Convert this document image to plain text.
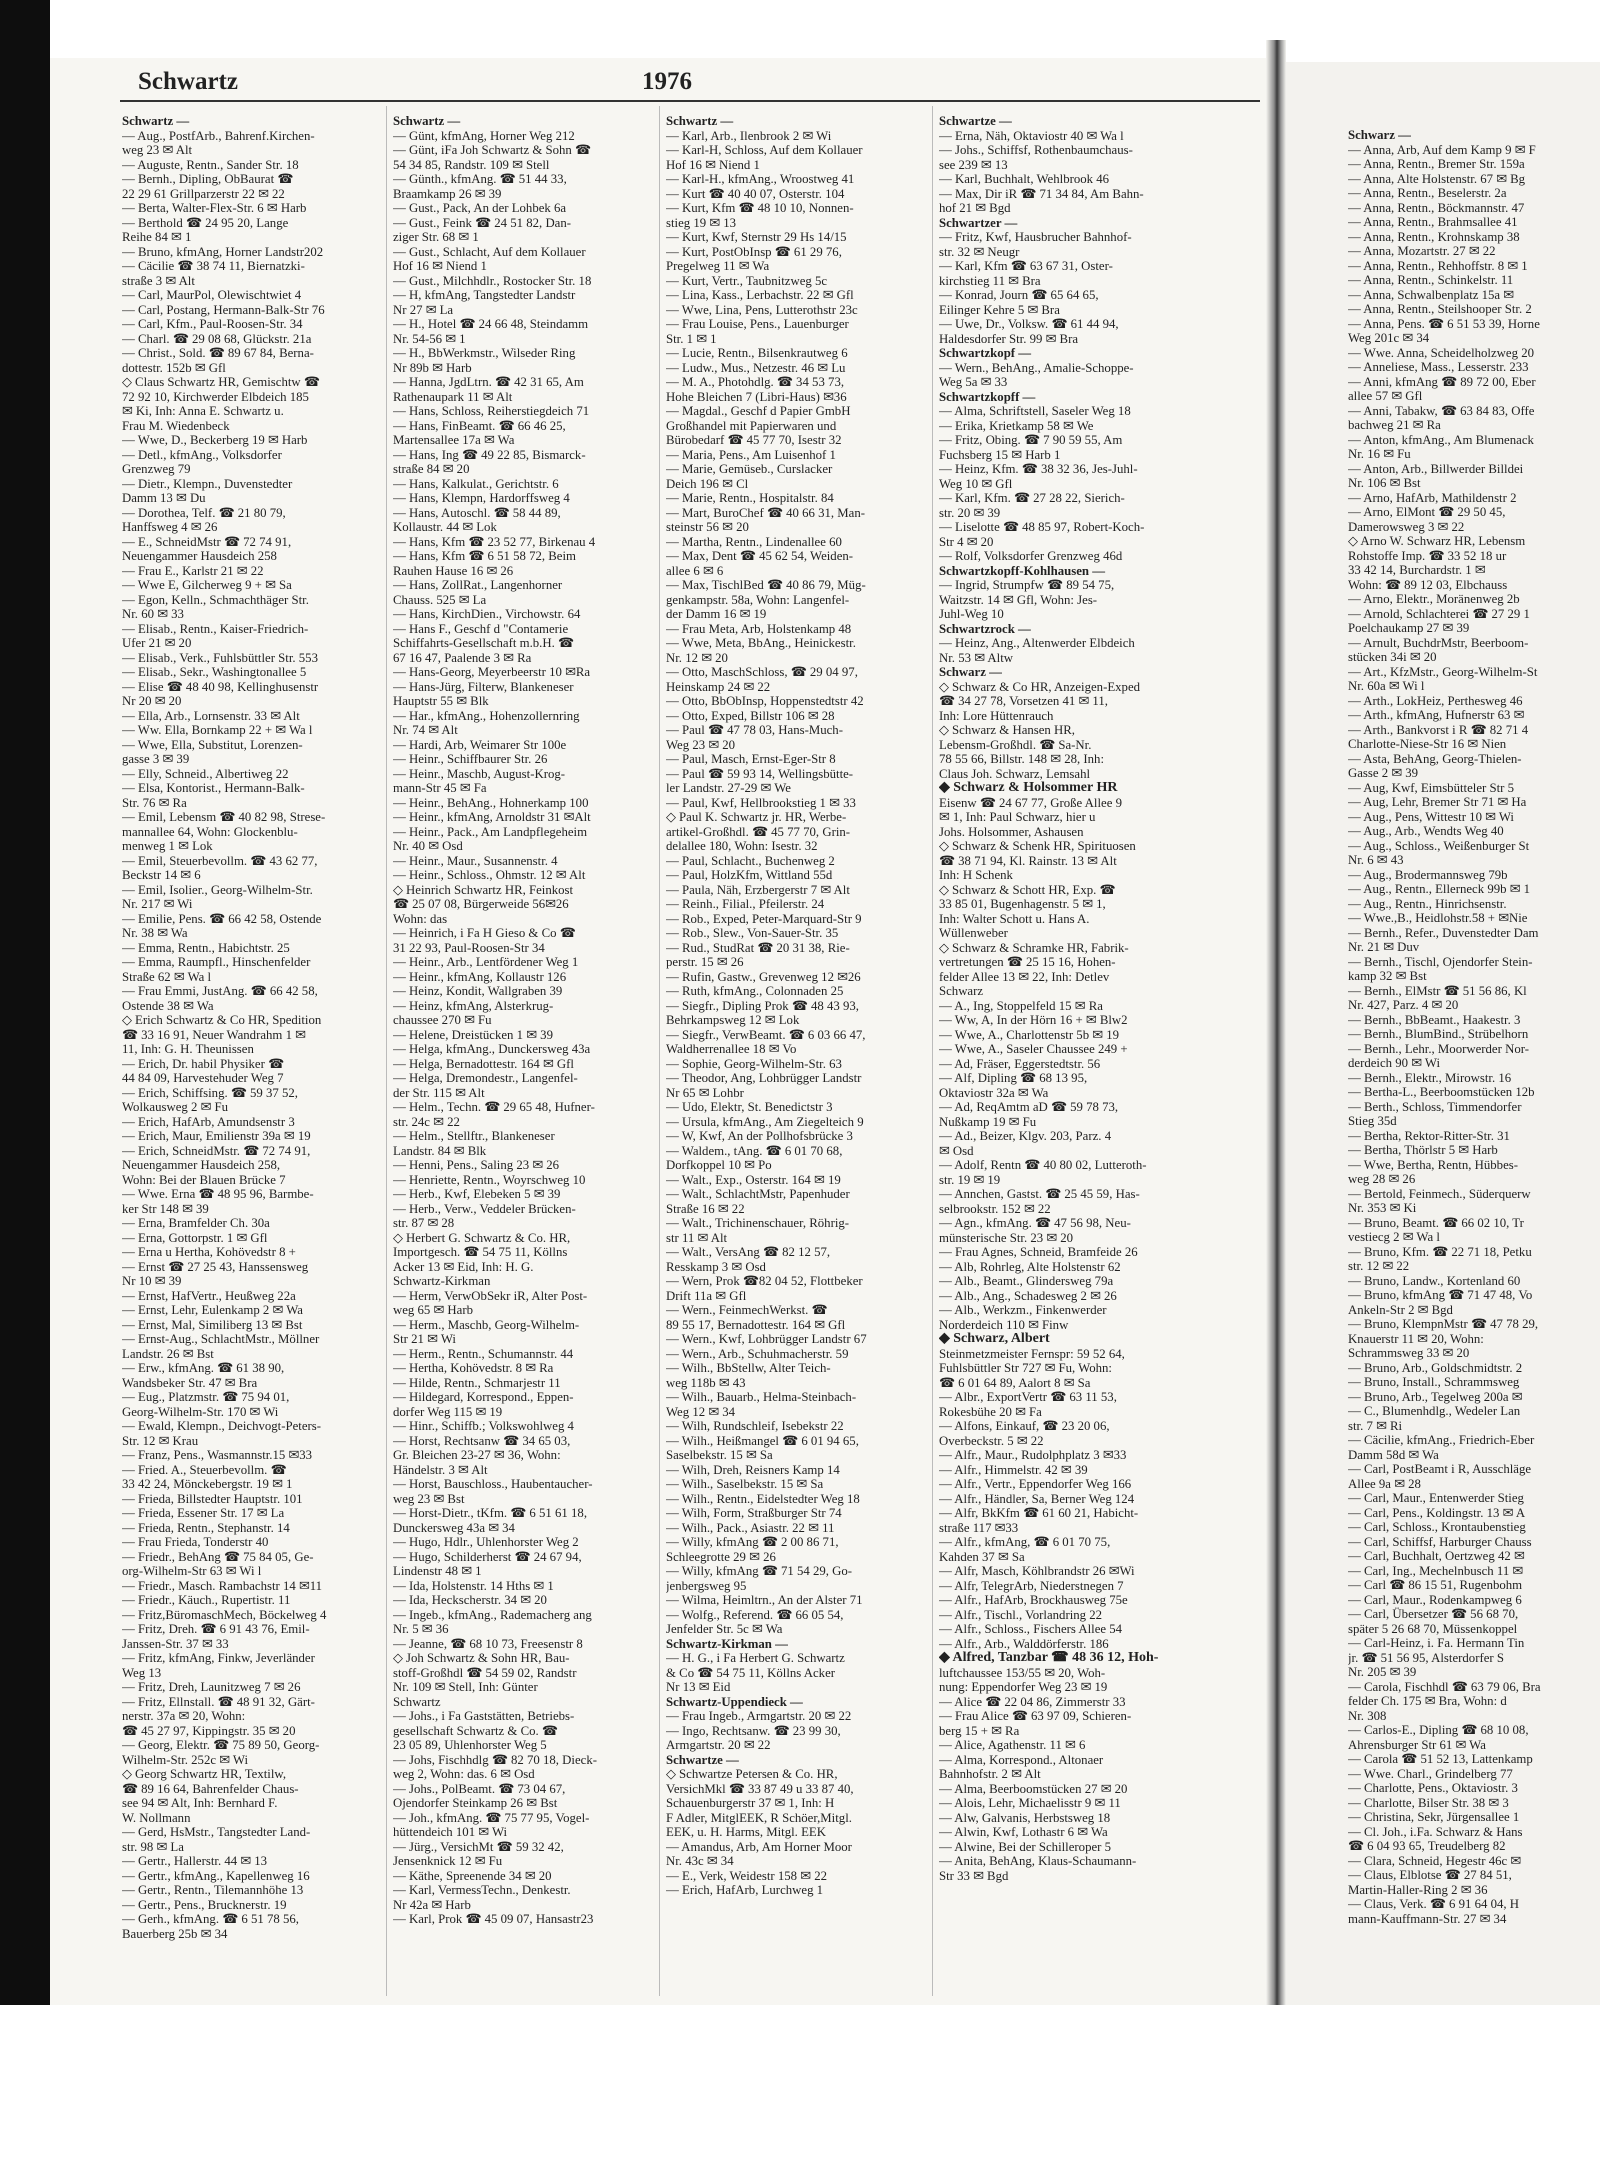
Schwartz	1976
Schwartz —
— Aug., PostfArb., Bahrenf.Kirchen-
weg 23 ✉ Alt
— Auguste, Rentn., Sander Str. 18
— Bernh., Dipling, ObBaurat ☎
22 29 61 Grillparzerstr 22 ✉ 22
— Berta, Walter-Flex-Str. 6 ✉ Harb
— Berthold ☎ 24 95 20, Lange
Reihe 84 ✉ 1
— Bruno, kfmAng, Horner Landstr202
— Cäcilie ☎ 38 74 11, Biernatzki-
straße 3 ✉ Alt
— Carl, MaurPol, Olewischtwiet 4
— Carl, Postang, Hermann-Balk-Str 76
— Carl, Kfm., Paul-Roosen-Str. 34
— Charl. ☎ 29 08 68, Glückstr. 21a
— Christ., Sold. ☎ 89 67 84, Berna-
dottestr. 152b ✉ Gfl
◇ Claus Schwartz HR, Gemischtw ☎
72 92 10, Kirchwerder Elbdeich 185
✉ Ki, Inh: Anna E. Schwartz u.
Frau M. Wiedenbeck
— Wwe, D., Beckerberg 19 ✉ Harb
— Detl., kfmAng., Volksdorfer
Grenzweg 79
— Dietr., Klempn., Duvenstedter
Damm 13 ✉ Du
— Dorothea, Telf. ☎ 21 80 79,
Hanffsweg 4 ✉ 26
— E., SchneidMstr ☎ 72 74 91,
Neuengammer Hausdeich 258
— Frau E., Karlstr 21 ✉ 22
— Wwe E, Gilcherweg 9 + ✉ Sa
— Egon, Kelln., Schmachthäger Str.
Nr. 60 ✉ 33
— Elisab., Rentn., Kaiser-Friedrich-
Ufer 21 ✉ 20
— Elisab., Verk., Fuhlsbüttler Str. 553
— Elisab., Sekr., Washingtonallee 5
— Elise ☎ 48 40 98, Kellinghusenstr
Nr 20 ✉ 20
— Ella, Arb., Lornsenstr. 33 ✉ Alt
— Ww. Ella, Bornkamp 22 + ✉ Wa l
— Wwe, Ella, Substitut, Lorenzen-
gasse 3 ✉ 39
— Elly, Schneid., Albertiweg 22
— Elsa, Kontorist., Hermann-Balk-
Str. 76 ✉ Ra
— Emil, Lebensm ☎ 40 82 98, Strese-
mannallee 64, Wohn: Glockenblu-
menweg 1 ✉ Lok
— Emil, Steuerbevollm. ☎ 43 62 77,
Beckstr 14 ✉ 6
— Emil, Isolier., Georg-Wilhelm-Str.
Nr. 217 ✉ Wi
— Emilie, Pens. ☎ 66 42 58, Ostende
Nr. 38 ✉ Wa
— Emma, Rentn., Habichtstr. 25
— Emma, Raumpfl., Hinschenfelder
Straße 62 ✉ Wa l
— Frau Emmi, JustAng. ☎ 66 42 58,
Ostende 38 ✉ Wa
◇ Erich Schwartz & Co HR, Spedition
☎ 33 16 91, Neuer Wandrahm 1 ✉
11, Inh: G. H. Theunissen
— Erich, Dr. habil Physiker ☎
44 84 09, Harvestehuder Weg 7
— Erich, Schiffsing. ☎ 59 37 52,
Wolkausweg 2 ✉ Fu
— Erich, HafArb, Amundsenstr 3
— Erich, Maur, Emilienstr 39a ✉ 19
— Erich, SchneidMstr. ☎ 72 74 91,
Neuengammer Hausdeich 258,
Wohn: Bei der Blauen Brücke 7
— Wwe. Erna ☎ 48 95 96, Barmbe-
ker Str 148 ✉ 39
— Erna, Bramfelder Ch. 30a
— Erna, Gottorpstr. 1 ✉ Gfl
— Erna u Hertha, Kohövedstr 8 +
— Ernst ☎ 27 25 43, Hanssensweg
Nr 10 ✉ 39
— Ernst, HafVertr., Heußweg 22a
— Ernst, Lehr, Eulenkamp 2 ✉ Wa
— Ernst, Mal, Similiberg 13 ✉ Bst
— Ernst-Aug., SchlachtMstr., Möllner
Landstr. 26 ✉ Bst
— Erw., kfmAng. ☎ 61 38 90,
Wandsbeker Str. 47 ✉ Bra
— Eug., Platzmstr. ☎ 75 94 01,
Georg-Wilhelm-Str. 170 ✉ Wi
— Ewald, Klempn., Deichvogt-Peters-
Str. 12 ✉ Krau
— Franz, Pens., Wasmannstr.15 ✉33
— Fried. A., Steuerbevollm. ☎
33 42 24, Mönckebergstr. 19 ✉ 1
— Frieda, Billstedter Hauptstr. 101
— Frieda, Essener Str. 17 ✉ La
— Frieda, Rentn., Stephanstr. 14
— Frau Frieda, Tonderstr 40
— Friedr., BehAng ☎ 75 84 05, Ge-
org-Wilhelm-Str 63 ✉ Wi l
— Friedr., Masch. Rambachstr 14 ✉11
— Friedr., Käuch., Rupertistr. 11
— Fritz,BüromaschMech, Böckelweg 4
— Fritz, Dreh. ☎ 6 91 43 76, Emil-
Janssen-Str. 37 ✉ 33
— Fritz, kfmAng, Finkw, Jeverländer
Weg 13
— Fritz, Dreh, Launitzweg 7 ✉ 26
— Fritz, Ellnstall. ☎ 48 91 32, Gärt-
nerstr. 37a ✉ 20, Wohn:
☎ 45 27 97, Kippingstr. 35 ✉ 20
— Georg, Elektr. ☎ 75 89 50, Georg-
Wilhelm-Str. 252c ✉ Wi
◇ Georg Schwartz HR, Textilw,
☎ 89 16 64, Bahrenfelder Chaus-
see 94 ✉ Alt, Inh: Bernhard F.
W. Nollmann
— Gerd, HsMstr., Tangstedter Land-
str. 98 ✉ La
— Gertr., Hallerstr. 44 ✉ 13
— Gertr., kfmAng., Kapellenweg 16
— Gertr., Rentn., Tilemannhöhe 13
— Gertr., Pens., Brucknerstr. 19
— Gerh., kfmAng. ☎ 6 51 78 56,
Bauerberg 25b ✉ 34
Schwartz —
— Günt, kfmAng, Horner Weg 212
— Günt, iFa Joh Schwartz & Sohn ☎
54 34 85, Randstr. 109 ✉ Stell
— Günth., kfmAng. ☎ 51 44 33,
Braamkamp 26 ✉ 39
— Gust., Pack, An der Lohbek 6a
— Gust., Feink ☎ 24 51 82, Dan-
ziger Str. 68 ✉ 1
— Gust., Schlacht, Auf dem Kollauer
Hof 16 ✉ Niend 1
— Gust., Milchhdlr., Rostocker Str. 18
— H, kfmAng, Tangstedter Landstr
Nr 27 ✉ La
— H., Hotel ☎ 24 66 48, Steindamm
Nr. 54-56 ✉ 1
— H., BbWerkmstr., Wilseder Ring
Nr 89b ✉ Harb
— Hanna, JgdLtrn. ☎ 42 31 65, Am
Rathenaupark 11 ✉ Alt
— Hans, Schloss, Reiherstiegdeich 71
— Hans, FinBeamt. ☎ 66 46 25,
Martensallee 17a ✉ Wa
— Hans, Ing ☎ 49 22 85, Bismarck-
straße 84 ✉ 20
— Hans, Kalkulat., Gerichtstr. 6
— Hans, Klempn, Hardorffsweg 4
— Hans, Autoschl. ☎ 58 44 89,
Kollaustr. 44 ✉ Lok
— Hans, Kfm ☎ 23 52 77, Birkenau 4
— Hans, Kfm ☎ 6 51 58 72, Beim
Rauhen Hause 16 ✉ 26
— Hans, ZollRat., Langenhorner
Chauss. 525 ✉ La
— Hans, KirchDien., Virchowstr. 64
— Hans F., Geschf d "Contamerie
Schiffahrts-Gesellschaft m.b.H. ☎
67 16 47, Paalende 3 ✉ Ra
— Hans-Georg, Meyerbeerstr 10 ✉Ra
— Hans-Jürg, Filterw, Blankeneser
Hauptstr 55 ✉ Blk
— Har., kfmAng., Hohenzollernring
Nr. 74 ✉ Alt
— Hardi, Arb, Weimarer Str 100e
— Heinr., Schiffbaurer Str. 26
— Heinr., Maschb, August-Krog-
mann-Str 45 ✉ Fa
— Heinr., BehAng., Hohnerkamp 100
— Heinr., kfmAng, Arnoldstr 31 ✉Alt
— Heinr., Pack., Am Landpflegeheim
Nr. 40 ✉ Osd
— Heinr., Maur., Susannenstr. 4
— Heinr., Schloss., Ohmstr. 12 ✉ Alt
◇ Heinrich Schwartz HR, Feinkost
☎ 25 07 08, Bürgerweide 56✉26
Wohn: das
— Heinrich, i Fa H Gieso & Co ☎
31 22 93, Paul-Roosen-Str 34
— Heinr., Arb., Lentfördener Weg 1
— Heinr., kfmAng, Kollaustr 126
— Heinz, Kondit, Wallgraben 39
— Heinz, kfmAng, Alsterkrug-
chaussee 270 ✉ Fu
— Helene, Dreistücken 1 ✉ 39
— Helga, kfmAng., Dunckersweg 43a
— Helga, Bernadottestr. 164 ✉ Gfl
— Helga, Dremondestr., Langenfel-
der Str. 115 ✉ Alt
— Helm., Techn. ☎ 29 65 48, Hufner-
str. 24c ✉ 22
— Helm., Stellftr., Blankeneser
Landstr. 84 ✉ Blk
— Henni, Pens., Saling 23 ✉ 26
— Henriette, Rentn., Woyrschweg 10
— Herb., Kwf, Elebeken 5 ✉ 39
— Herb., Verw., Veddeler Brücken-
str. 87 ✉ 28
◇ Herbert G. Schwartz & Co. HR,
Importgesch. ☎ 54 75 11, Köllns
Acker 13 ✉ Eid, Inh: H. G.
Schwartz-Kirkman
— Herm, VerwObSekr iR, Alter Post-
weg 65 ✉ Harb
— Herm., Maschb, Georg-Wilhelm-
Str 21 ✉ Wi
— Herm., Rentn., Schumannstr. 44
— Hertha, Kohövedstr. 8 ✉ Ra
— Hilde, Rentn., Schmarjestr 11
— Hildegard, Korrespond., Eppen-
dorfer Weg 115 ✉ 19
— Hinr., Schiffb.; Volkswohlweg 4
— Horst, Rechtsanw ☎ 34 65 03,
Gr. Bleichen 23-27 ✉ 36, Wohn:
Händelstr. 3 ✉ Alt
— Horst, Bauschloss., Haubentaucher-
weg 23 ✉ Bst
— Horst-Dietr., tKfm. ☎ 6 51 61 18,
Dunckersweg 43a ✉ 34
— Hugo, Hdlr., Uhlenhorster Weg 2
— Hugo, Schilderherst ☎ 24 67 94,
Lindenstr 48 ✉ 1
— Ida, Holstenstr. 14 Hths ✉ 1
— Ida, Heckscherstr. 34 ✉ 20
— Ingeb., kfmAng., Rademacherg ang
Nr. 5 ✉ 36
— Jeanne, ☎ 68 10 73, Freesenstr 8
◇ Joh Schwartz & Sohn HR, Bau-
stoff-Großhdl ☎ 54 59 02, Randstr
Nr. 109 ✉ Stell, Inh: Günter
Schwartz
— Johs., i Fa Gaststätten, Betriebs-
gesellschaft Schwartz & Co. ☎
23 05 89, Uhlenhorster Weg 5
— Johs, Fischhdlg ☎ 82 70 18, Dieck-
weg 2, Wohn: das. 6 ✉ Osd
— Johs., PolBeamt. ☎ 73 04 67,
Ojendorfer Steinkamp 26 ✉ Bst
— Joh., kfmAng. ☎ 75 77 95, Vogel-
hüttendeich 101 ✉ Wi
— Jürg., VersichMt ☎ 59 32 42,
Jensenknick 12 ✉ Fu
— Käthe, Spreenende 34 ✉ 20
— Karl, VermessTechn., Denkestr.
Nr 42a ✉ Harb
— Karl, Prok ☎ 45 09 07, Hansastr23
Schwartz —
— Karl, Arb., Ilenbrook 2 ✉ Wi
— Karl-H, Schloss, Auf dem Kollauer
Hof 16 ✉ Niend 1
— Karl-H., kfmAng., Wroostweg 41
— Kurt ☎ 40 40 07, Osterstr. 104
— Kurt, Kfm ☎ 48 10 10, Nonnen-
stieg 19 ✉ 13
— Kurt, Kwf, Sternstr 29 Hs 14/15
— Kurt, PostObInsp ☎ 61 29 76,
Pregelweg 11 ✉ Wa
— Kurt, Vertr., Taubnitzweg 5c
— Lina, Kass., Lerbachstr. 22 ✉ Gfl
— Wwe, Lina, Pens, Lutterothstr 23c
— Frau Louise, Pens., Lauenburger
Str. 1 ✉ 1
— Lucie, Rentn., Bilsenkrautweg 6
— Ludw., Mus., Netzestr. 46 ✉ Lu
— M. A., Photohdlg. ☎ 34 53 73,
Hohe Bleichen 7 (Libri-Haus) ✉36
— Magdal., Geschf d Papier GmbH
Großhandel mit Papierwaren und
Bürobedarf ☎ 45 77 70, Isestr 32
— Maria, Pens., Am Luisenhof 1
— Marie, Gemüseb., Curslacker
Deich 196 ✉ Cl
— Marie, Rentn., Hospitalstr. 84
— Mart, BuroChef ☎ 40 66 31, Man-
steinstr 56 ✉ 20
— Martha, Rentn., Lindenallee 60
— Max, Dent ☎ 45 62 54, Weiden-
allee 6 ✉ 6
— Max, TischlBed ☎ 40 86 79, Müg-
genkampstr. 58a, Wohn: Langenfel-
der Damm 16 ✉ 19
— Frau Meta, Arb, Holstenkamp 48
— Wwe, Meta, BbAng., Heinickestr.
Nr. 12 ✉ 20
— Otto, MaschSchloss, ☎ 29 04 97,
Heinskamp 24 ✉ 22
— Otto, BbObInsp, Hoppenstedtstr 42
— Otto, Exped, Billstr 106 ✉ 28
— Paul ☎ 47 78 03, Hans-Much-
Weg 23 ✉ 20
— Paul, Masch, Ernst-Eger-Str 8
— Paul ☎ 59 93 14, Wellingsbütte-
ler Landstr. 27-29 ✉ We
— Paul, Kwf, Hellbrookstieg 1 ✉ 33
◇ Paul K. Schwartz jr. HR, Werbe-
artikel-Großhdl. ☎ 45 77 70, Grin-
delallee 180, Wohn: Isestr. 32
— Paul, Schlacht., Buchenweg 2
— Paul, HolzKfm, Wittland 55d
— Paula, Näh, Erzbergerstr 7 ✉ Alt
— Reinh., Filial., Pfeilerstr. 24
— Rob., Exped, Peter-Marquard-Str 9
— Rob., Slew., Von-Sauer-Str. 35
— Rud., StudRat ☎ 20 31 38, Rie-
perstr. 15 ✉ 26
— Rufin, Gastw., Grevenweg 12 ✉26
— Ruth, kfmAng., Colonnaden 25
— Siegfr., Dipling Prok ☎ 48 43 93,
Behrkampsweg 12 ✉ Lok
— Siegfr., VerwBeamt. ☎ 6 03 66 47,
Waldherrenallee 18 ✉ Vo
— Sophie, Georg-Wilhelm-Str. 63
— Theodor, Ang, Lohbrügger Landstr
Nr 65 ✉ Lohbr
— Udo, Elektr, St. Benedictstr 3
— Ursula, kfmAng., Am Ziegelteich 9
— W, Kwf, An der Pollhofsbrücke 3
— Waldem., tAng. ☎ 6 01 70 68,
Dorfkoppel 10 ✉ Po
— Walt., Exp., Osterstr. 164 ✉ 19
— Walt., SchlachtMstr, Papenhuder
Straße 16 ✉ 22
— Walt., Trichinenschauer, Röhrig-
str 11 ✉ Alt
— Walt., VersAng ☎ 82 12 57,
Resskamp 3 ✉ Osd
— Wern, Prok ☎82 04 52, Flottbeker
Drift 11a ✉ Gfl
— Wern., FeinmechWerkst. ☎
89 55 17, Bernadottestr. 164 ✉ Gfl
— Wern., Kwf, Lohbrügger Landstr 67
— Wern., Arb., Schuhmacherstr. 59
— Wilh., BbStellw, Alter Teich-
weg 118b ✉ 43
— Wilh., Bauarb., Helma-Steinbach-
Weg 12 ✉ 34
— Wilh, Rundschleif, Isebekstr 22
— Wilh., Heißmangel ☎ 6 01 94 65,
Saselbekstr. 15 ✉ Sa
— Wilh, Dreh, Reisners Kamp 14
— Wilh., Saselbekstr. 15 ✉ Sa
— Wilh., Rentn., Eidelstedter Weg 18
— Wilh, Form, Straßburger Str 74
— Wilh., Pack., Asiastr. 22 ✉ 11
— Willy, kfmAng ☎ 2 00 86 71,
Schleegrotte 29 ✉ 26
— Willy, kfmAng ☎ 71 54 29, Go-
jenbergsweg 95
— Wilma, Heimltrn., An der Alster 71
— Wolfg., Referend. ☎ 66 05 54,
Jenfelder Str. 5c ✉ Wa
Schwartz-Kirkman —
— H. G., i Fa Herbert G. Schwartz
& Co ☎ 54 75 11, Köllns Acker
Nr 13 ✉ Eid
Schwartz-Uppendieck —
— Frau Ingeb., Armgartstr. 20 ✉ 22
— Ingo, Rechtsanw. ☎ 23 99 30,
Armgartstr. 20 ✉ 22
Schwartze —
◇ Schwartze Petersen & Co. HR,
VersichMkl ☎ 33 87 49 u 33 87 40,
Schauenburgerstr 37 ✉ 1, Inh: H
F Adler, MitglEEK, R Schöer,Mitgl.
EEK, u. H. Harms, Mitgl. EEK
— Amandus, Arb, Am Horner Moor
Nr. 43c ✉ 34
— E., Verk, Weidestr 158 ✉ 22
— Erich, HafArb, Lurchweg 1
Schwartze —
— Erna, Näh, Oktaviostr 40 ✉ Wa l
— Johs., Schiffsf, Rothenbaumchaus-
see 239 ✉ 13
— Karl, Buchhalt, Wehlbrook 46
— Max, Dir iR ☎ 71 34 84, Am Bahn-
hof 21 ✉ Bgd
Schwartzer —
— Fritz, Kwf, Hausbrucher Bahnhof-
str. 32 ✉ Neugr
— Karl, Kfm ☎ 63 67 31, Oster-
kirchstieg 11 ✉ Bra
— Konrad, Journ ☎ 65 64 65,
Eilinger Kehre 5 ✉ Bra
— Uwe, Dr., Volksw. ☎ 61 44 94,
Haldesdorfer Str. 99 ✉ Bra
Schwartzkopf —
— Wern., BehAng., Amalie-Schoppe-
Weg 5a ✉ 33
Schwartzkopff —
— Alma, Schriftstell, Saseler Weg 18
— Erika, Krietkamp 58 ✉ We
— Fritz, Obing. ☎ 7 90 59 55, Am
Fuchsberg 15 ✉ Harb 1
— Heinz, Kfm. ☎ 38 32 36, Jes-Juhl-
Weg 10 ✉ Gfl
— Karl, Kfm. ☎ 27 28 22, Sierich-
str. 20 ✉ 39
— Liselotte ☎ 48 85 97, Robert-Koch-
Str 4 ✉ 20
— Rolf, Volksdorfer Grenzweg 46d
Schwartzkopff-Kohlhausen —
— Ingrid, Strumpfw ☎ 89 54 75,
Waitzstr. 14 ✉ Gfl, Wohn: Jes-
Juhl-Weg 10
Schwartzrock —
— Heinz, Ang., Altenwerder Elbdeich
Nr. 53 ✉ Altw
Schwarz —
◇ Schwarz & Co HR, Anzeigen-Exped
☎ 34 27 78, Vorsetzen 41 ✉ 11,
Inh: Lore Hüttenrauch
◇ Schwarz & Hansen HR,
Lebensm-Großhdl. ☎ Sa-Nr.
78 55 66, Billstr. 148 ✉ 28, Inh:
Claus Joh. Schwarz, Lemsahl
◆ Schwarz & Holsommer HR
Eisenw ☎ 24 67 77, Große Allee 9
✉ 1, Inh: Paul Schwarz, hier u
Johs. Holsommer, Ashausen
◇ Schwarz & Schenk HR, Spirituosen
☎ 38 71 94, Kl. Rainstr. 13 ✉ Alt
Inh: H Schenk
◇ Schwarz & Schott HR, Exp. ☎
33 85 01, Bugenhagenstr. 5 ✉ 1,
Inh: Walter Schott u. Hans A.
Wüllenweber
◇ Schwarz & Schramke HR, Fabrik-
vertretungen ☎ 25 15 16, Hohen-
felder Allee 13 ✉ 22, Inh: Detlev
Schwarz
— A., Ing, Stoppelfeld 15 ✉ Ra
— Ww, A, In der Hörn 16 + ✉ Blw2
— Wwe, A., Charlottenstr 5b ✉ 19
— Wwe, A., Saseler Chaussee 249 +
— Ad, Fräser, Eggerstedtstr. 56
— Alf, Dipling ☎ 68 13 95,
Oktaviostr 32a ✉ Wa
— Ad, ReqAmtm aD ☎ 59 78 73,
Nußkamp 19 ✉ Fu
— Ad., Beizer, Klgv. 203, Parz. 4
✉ Osd
— Adolf, Rentn ☎ 40 80 02, Lutteroth-
str. 19 ✉ 19
— Annchen, Gastst. ☎ 25 45 59, Has-
selbrookstr. 152 ✉ 22
— Agn., kfmAng. ☎ 47 56 98, Neu-
münsterische Str. 23 ✉ 20
— Frau Agnes, Schneid, Bramfeide 26
— Alb, Rohrleg, Alte Holstenstr 62
— Alb., Beamt., Glindersweg 79a
— Alb., Ang., Schadesweg 2 ✉ 26
— Alb., Werkzm., Finkenwerder
Norderdeich 110 ✉ Finw
◆ Schwarz, Albert
Steinmetzmeister Fernspr: 59 52 64,
Fuhlsbüttler Str 727 ✉ Fu, Wohn:
☎ 6 01 64 89, Aalort 8 ✉ Sa
— Albr., ExportVertr ☎ 63 11 53,
Rokesbühe 20 ✉ Fa
— Alfons, Einkauf, ☎ 23 20 06,
Overbeckstr. 5 ✉ 22
— Alfr., Maur., Rudolphplatz 3 ✉33
— Alfr., Himmelstr. 42 ✉ 39
— Alfr., Vertr., Eppendorfer Weg 166
— Alfr., Händler, Sa, Berner Weg 124
— Alfr, BkKfm ☎ 61 60 21, Habicht-
straße 117 ✉33
— Alfr., kfmAng, ☎ 6 01 70 75,
Kahden 37 ✉ Sa
— Alfr, Masch, Köhlbrandstr 26 ✉Wi
— Alfr, TelegrArb, Niederstnegen 7
— Alfr., HafArb, Brockhausweg 75e
— Alfr., Tischl., Vorlandring 22
— Alfr., Schloss., Fischers Allee 54
— Alfr., Arb., Walddörferstr. 186
◆ Alfred, Tanzbar ☎ 48 36 12, Hoh-
luftchaussee 153/55 ✉ 20, Woh-
nung: Eppendorfer Weg 23 ✉ 19
— Alice ☎ 22 04 86, Zimmerstr 33
— Frau Alice ☎ 63 97 09, Schieren-
berg 15 + ✉ Ra
— Alice, Agathenstr. 11 ✉ 6
— Alma, Korrespond., Altonaer
Bahnhofstr. 2 ✉ Alt
— Alma, Beerboomstücken 27 ✉ 20
— Alois, Lehr, Michaelisstr 9 ✉ 11
— Alw, Galvanis, Herbstsweg 18
— Alwin, Kwf, Lothastr 6 ✉ Wa
— Alwine, Bei der Schilleroper 5
— Anita, BehAng, Klaus-Schaumann-
Str 33 ✉ Bgd
Schwarz —
— Anna, Arb, Auf dem Kamp 9 ✉ F
— Anna, Rentn., Bremer Str. 159a
— Anna, Alte Holstenstr. 67 ✉ Bg
— Anna, Rentn., Beselerstr. 2a
— Anna, Rentn., Böckmannstr. 47
— Anna, Rentn., Brahmsallee 41
— Anna, Rentn., Krohnskamp 38
— Anna, Mozartstr. 27 ✉ 22
— Anna, Rentn., Rehhoffstr. 8 ✉ 1
— Anna, Rentn., Schinkelstr. 11
— Anna, Schwalbenplatz 15a ✉
— Anna, Rentn., Steilshooper Str. 2
— Anna, Pens. ☎ 6 51 53 39, Horne
Weg 201c ✉ 34
— Wwe. Anna, Scheidelholzweg 20
— Anneliese, Mass., Lesserstr. 233
— Anni, kfmAng ☎ 89 72 00, Eber
allee 57 ✉ Gfl
— Anni, Tabakw, ☎ 63 84 83, Offe
bachweg 21 ✉ Ra
— Anton, kfmAng., Am Blumenack
Nr. 16 ✉ Fu
— Anton, Arb., Billwerder Billdei
Nr. 106 ✉ Bst
— Arno, HafArb, Mathildenstr 2
— Arno, ElMont ☎ 29 50 45,
Damerowsweg 3 ✉ 22
◇ Arno W. Schwarz HR, Lebensm
Rohstoffe Imp. ☎ 33 52 18 ur
33 42 14, Burchardstr. 1 ✉
Wohn: ☎ 89 12 03, Elbchauss
— Arno, Elektr., Moränenweg 2b
— Arnold, Schlachterei ☎ 27 29 1
Poelchaukamp 27 ✉ 39
— Arnult, BuchdrMstr, Beerboom-
stücken 34i ✉ 20
— Art., KfzMstr., Georg-Wilhelm-St
Nr. 60a ✉ Wi l
— Arth., LokHeiz, Perthesweg 46
— Arth., kfmAng, Hufnerstr 63 ✉
— Arth., Bankvorst i R ☎ 82 71 4
Charlotte-Niese-Str 16 ✉ Nien
— Asta, BehAng, Georg-Thielen-
Gasse 2 ✉ 39
— Aug, Kwf, Eimsbütteler Str 5
— Aug, Lehr, Bremer Str 71 ✉ Ha
— Aug., Pens, Wittestr 10 ✉ Wi
— Aug., Arb., Wendts Weg 40
— Aug., Schloss., Weißenburger St
Nr. 6 ✉ 43
— Aug., Brodermannsweg 79b
— Aug., Rentn., Ellerneck 99b ✉ 1
— Aug., Rentn., Hinrichsenstr.
— Wwe.,B., Heidlohstr.58 + ✉Nie
— Bernh., Refer., Duvenstedter Dam
Nr. 21 ✉ Duv
— Bernh., Tischl, Ojendorfer Stein-
kamp 32 ✉ Bst
— Bernh., ElMstr ☎ 51 56 86, Kl
Nr. 427, Parz. 4 ✉ 20
— Bernh., BbBeamt., Haakestr. 3
— Bernh., BlumBind., Strübelhorn
— Bernh., Lehr., Moorwerder Nor-
derdeich 90 ✉ Wi
— Bernh., Elektr., Mirowstr. 16
— Bertha-L., Beerboomstücken 12b
— Berth., Schloss, Timmendorfer
Stieg 35d
— Bertha, Rektor-Ritter-Str. 31
— Bertha, Thörlstr 5 ✉ Harb
— Wwe, Bertha, Rentn, Hübbes-
weg 28 ✉ 26
— Bertold, Feinmech., Süderquerw
Nr. 353 ✉ Ki
— Bruno, Beamt. ☎ 66 02 10, Tr
vestiecg 2 ✉ Wa l
— Bruno, Kfm. ☎ 22 71 18, Petku
str. 12 ✉ 22
— Bruno, Landw., Kortenland 60
— Bruno, kfmAng ☎ 71 47 48, Vo
Ankeln-Str 2 ✉ Bgd
— Bruno, KlempnMstr ☎ 47 78 29,
Knauerstr 11 ✉ 20, Wohn:
Schrammsweg 33 ✉ 20
— Bruno, Arb., Goldschmidtstr. 2
— Bruno, Install., Schrammsweg
— Bruno, Arb., Tegelweg 200a ✉
— C., Blumenhdlg., Wedeler Lan
str. 7 ✉ Ri
— Cäcilie, kfmAng., Friedrich-Eber
Damm 58d ✉ Wa
— Carl, PostBeamt i R, Ausschläge
Allee 9a ✉ 28
— Carl, Maur., Entenwerder Stieg
— Carl, Pens., Koldingstr. 13 ✉ A
— Carl, Schloss., Krontaubenstieg
— Carl, Schiffsf, Harburger Chauss
— Carl, Buchhalt, Oertzweg 42 ✉
— Carl, Ing., Mechelnbusch 11 ✉
— Carl ☎ 86 15 51, Rugenbohm
— Carl, Maur., Rodenkampweg 6
— Carl, Übersetzer ☎ 56 68 70,
später 5 26 68 70, Müssenkoppel
— Carl-Heinz, i. Fa. Hermann Tin
jr. ☎ 51 56 95, Alsterdorfer S
Nr. 205 ✉ 39
— Carola, Fischhdl ☎ 63 79 06, Bra
felder Ch. 175 ✉ Bra, Wohn: d
Nr. 308
— Carlos-E., Dipling ☎ 68 10 08,
Ahrensburger Str 61 ✉ Wa
— Carola ☎ 51 52 13, Lattenkamp
— Wwe. Charl., Grindelberg 77
— Charlotte, Pens., Oktaviostr. 3
— Charlotte, Bilser Str. 38 ✉ 3
— Christina, Sekr, Jürgensallee 1
— Cl. Joh., i.Fa. Schwarz & Hans
☎ 6 04 93 65, Treudelberg 82
— Clara, Schneid, Hegestr 46c ✉
— Claus, Elblotse ☎ 27 84 51,
Martin-Haller-Ring 2 ✉ 36
— Claus, Verk. ☎ 6 91 64 04, H
mann-Kauffmann-Str. 27 ✉ 34
